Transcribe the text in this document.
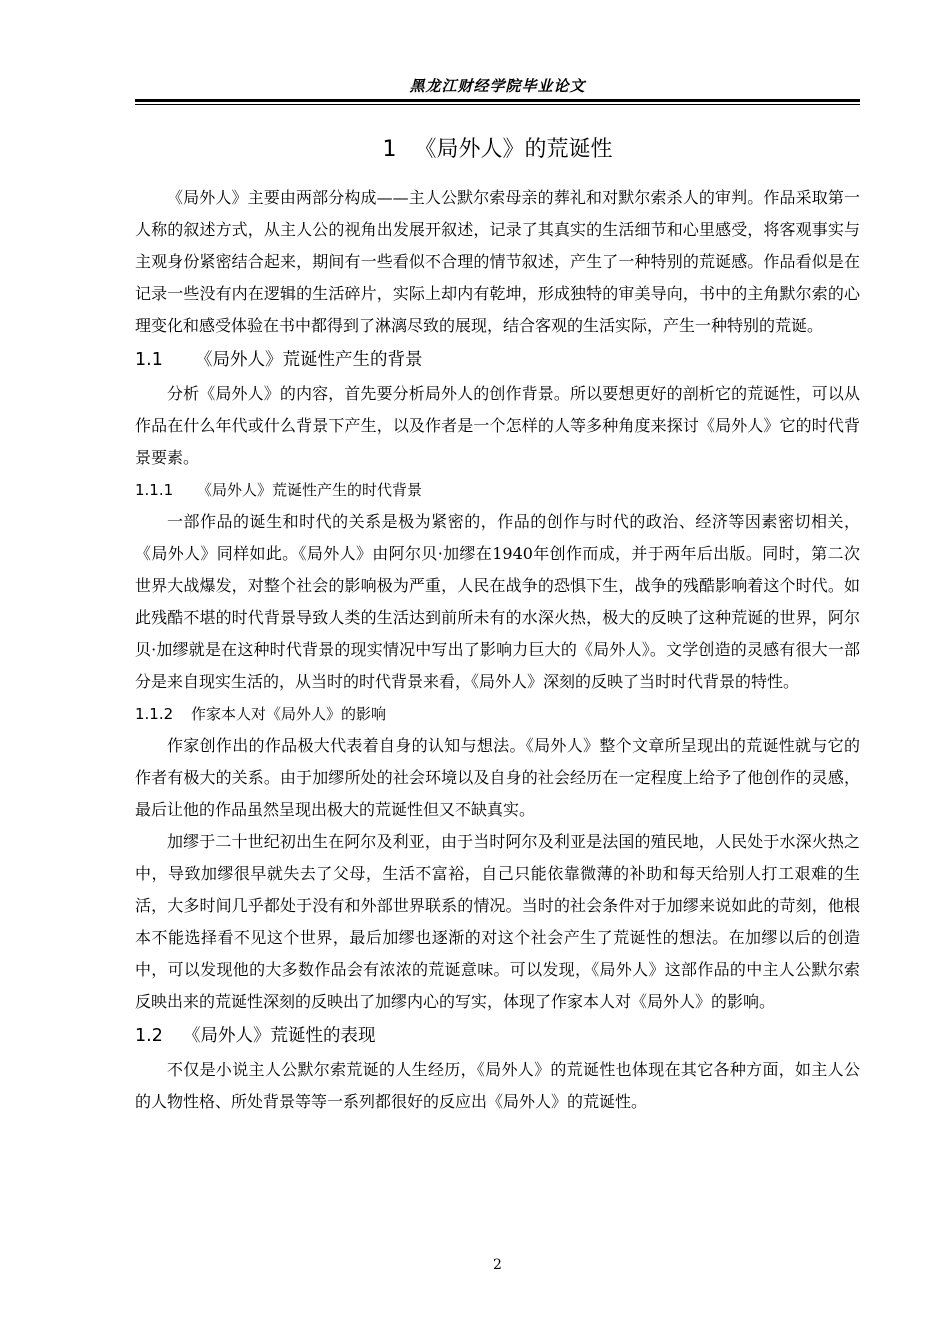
黑龙江财经学院毕业论文
1 《局外人》的荒诞性

《局外人》主要由两部分构成——主人公默尔索母亲的葬礼和对默尔索杀人的审判。作品采取第一人称的叙述方式，从主人公的视角出发展开叙述，记录了其真实的生活细节和心里感受，将客观事实与主观身份紧密结合起来，期间有一些看似不合理的情节叙述，产生了一种特别的荒诞感。作品看似是在记录一些没有内在逻辑的生活碎片，实际上却内有乾坤，形成独特的审美导向，书中的主角默尔索的心理变化和感受体验在书中都得到了淋漓尽致的展现，结合客观的生活实际，产生一种特别的荒诞。

1.1 《局外人》荒诞性产生的背景

分析《局外人》的内容，首先要分析局外人的创作背景。所以要想更好的剖析它的荒诞性，可以从作品在什么年代或什么背景下产生，以及作者是一个怎样的人等多种角度来探讨《局外人》它的时代背景要素。

1.1.1 《局外人》荒诞性产生的时代背景

一部作品的诞生和时代的关系是极为紧密的，作品的创作与时代的政治、经济等因素密切相关，《局外人》同样如此。《局外人》由阿尔贝·加缪在1940年创作而成，并于两年后出版。同时，第二次世界大战爆发，对整个社会的影响极为严重，人民在战争的恐惧下生，战争的残酷影响着这个时代。如此残酷不堪的时代背景导致人类的生活达到前所未有的水深火热，极大的反映了这种荒诞的世界，阿尔贝·加缪就是在这种时代背景的现实情况中写出了影响力巨大的《局外人》。文学创造的灵感有很大一部分是来自现实生活的，从当时的时代背景来看，《局外人》深刻的反映了当时时代背景的特性。

1.1.2 作家本人对《局外人》的影响

作家创作出的作品极大代表着自身的认知与想法。《局外人》整个文章所呈现出的荒诞性就与它的作者有极大的关系。由于加缪所处的社会环境以及自身的社会经历在一定程度上给予了他创作的灵感，最后让他的作品虽然呈现出极大的荒诞性但又不缺真实。

加缪于二十世纪初出生在阿尔及利亚，由于当时阿尔及利亚是法国的殖民地，人民处于水深火热之中，导致加缪很早就失去了父母，生活不富裕，自己只能依靠微薄的补助和每天给别人打工艰难的生活，大多时间几乎都处于没有和外部世界联系的情况。当时的社会条件对于加缪来说如此的苛刻，他根本不能选择看不见这个世界，最后加缪也逐渐的对这个社会产生了荒诞性的想法。在加缪以后的创造中，可以发现他的大多数作品会有浓浓的荒诞意味。可以发现，《局外人》这部作品的中主人公默尔索反映出来的荒诞性深刻的反映出了加缪内心的写实，体现了作家本人对《局外人》的影响。

1.2 《局外人》荒诞性的表现

不仅是小说主人公默尔索荒诞的人生经历，《局外人》的荒诞性也体现在其它各种方面，如主人公的人物性格、所处背景等等一系列都很好的反应出《局外人》的荒诞性。

2
